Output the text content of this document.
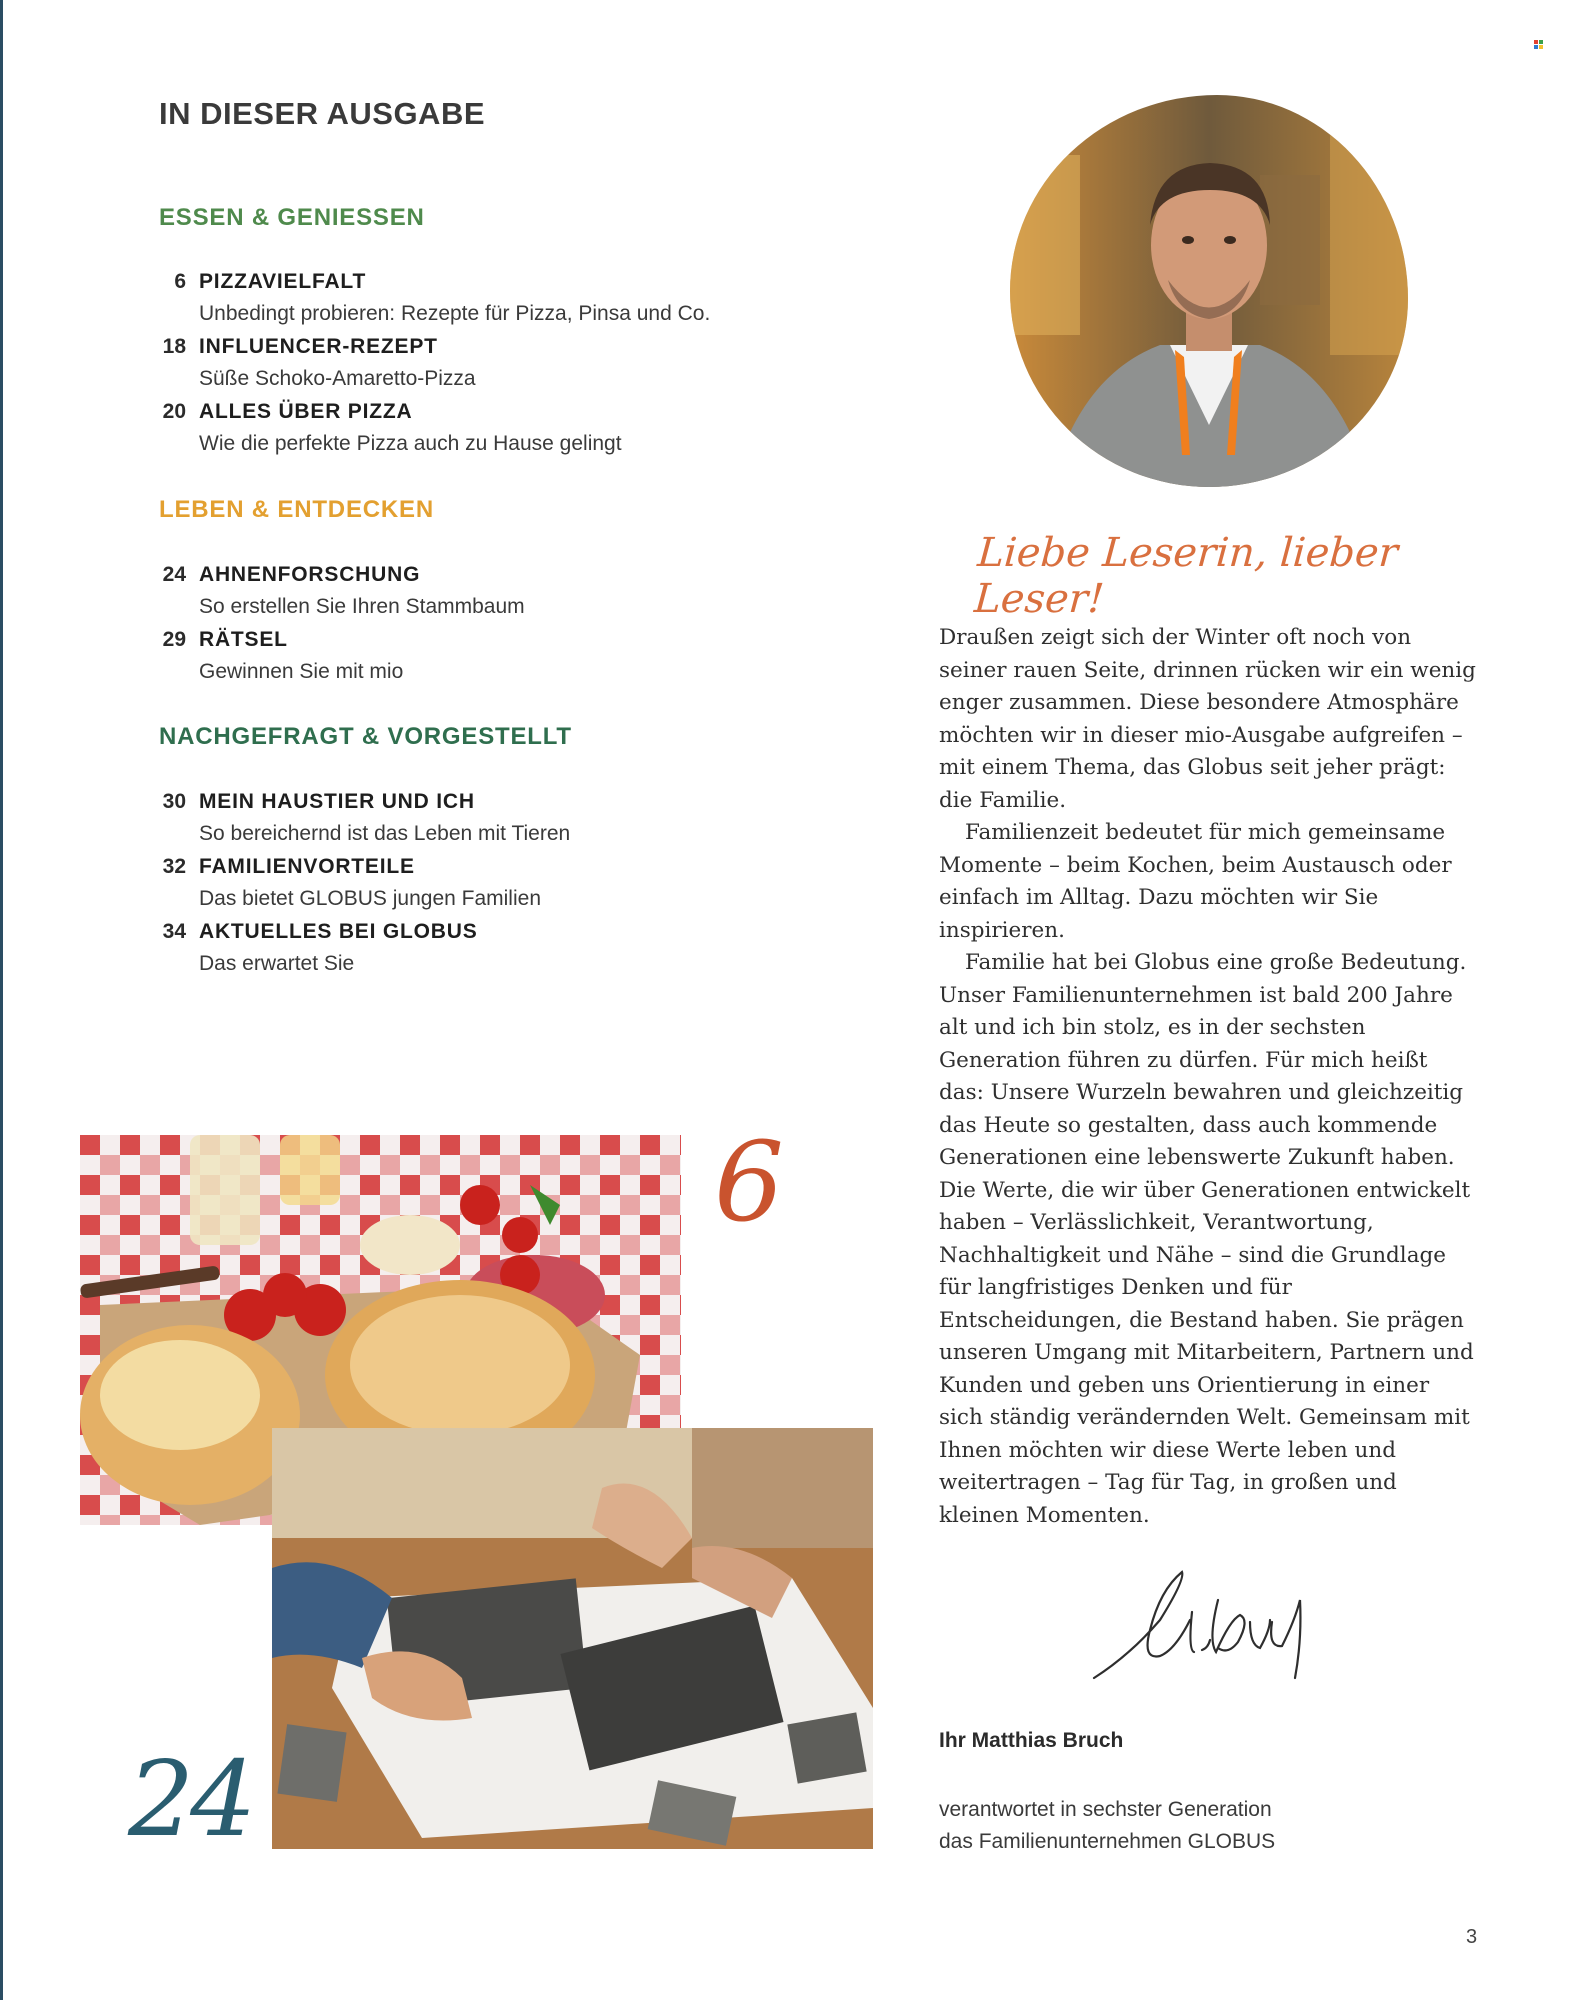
IN DIESER AUSGABE
ESSEN & GENIESSEN
6 PIZZAVIELFALT
Unbedingt probieren: Rezepte für Pizza, Pinsa und Co.
18 INFLUENCER-REZEPT
Süße Schoko-Amaretto-Pizza
20 ALLES ÜBER PIZZA
Wie die perfekte Pizza auch zu Hause gelingt
LEBEN & ENTDECKEN
24 AHNENFORSCHUNG
So erstellen Sie Ihren Stammbaum
29 RÄTSEL
Gewinnen Sie mit mio
NACHGEFRAGT & VORGESTELLT
30 MEIN HAUSTIER UND ICH
So bereichernd ist das Leben mit Tieren
32 FAMILIENVORTEILE
Das bietet GLOBUS jungen Familien
34 AKTUELLES BEI GLOBUS
Das erwartet Sie
Liebe Leserin, lieber Leser!

Draußen zeigt sich der Winter oft noch von seiner rauen Seite, drinnen rücken wir ein wenig enger zusammen. Diese besondere Atmosphäre möchten wir in dieser mio-Ausgabe aufgreifen – mit einem Thema, das Globus seit jeher prägt: die Familie.

Familienzeit bedeutet für mich gemeinsame Momente – beim Kochen, beim Austausch oder einfach im Alltag. Dazu möchten wir Sie inspirieren.

Familie hat bei Globus eine große Bedeutung. Unser Familienunternehmen ist bald 200 Jahre alt und ich bin stolz, es in der sechsten Generation führen zu dürfen. Für mich heißt das: Unsere Wurzeln bewahren und gleichzeitig das Heute so gestalten, dass auch kommende Generationen eine lebenswerte Zukunft haben. Die Werte, die wir über Generationen entwickelt haben – Verlässlichkeit, Verantwortung, Nachhaltigkeit und Nähe – sind die Grundlage für langfristiges Denken und für Entscheidungen, die Bestand haben. Sie prägen unseren Umgang mit Mitarbeitern, Partnern und Kunden und geben uns Orientierung in einer sich ständig verändernden Welt. Gemeinsam mit Ihnen möchten wir diese Werte leben und weitertragen – Tag für Tag, in großen und kleinen Momenten.

Ihr Matthias Bruch
verantwortet in sechster Generation
das Familienunternehmen GLOBUS
6
24
3
